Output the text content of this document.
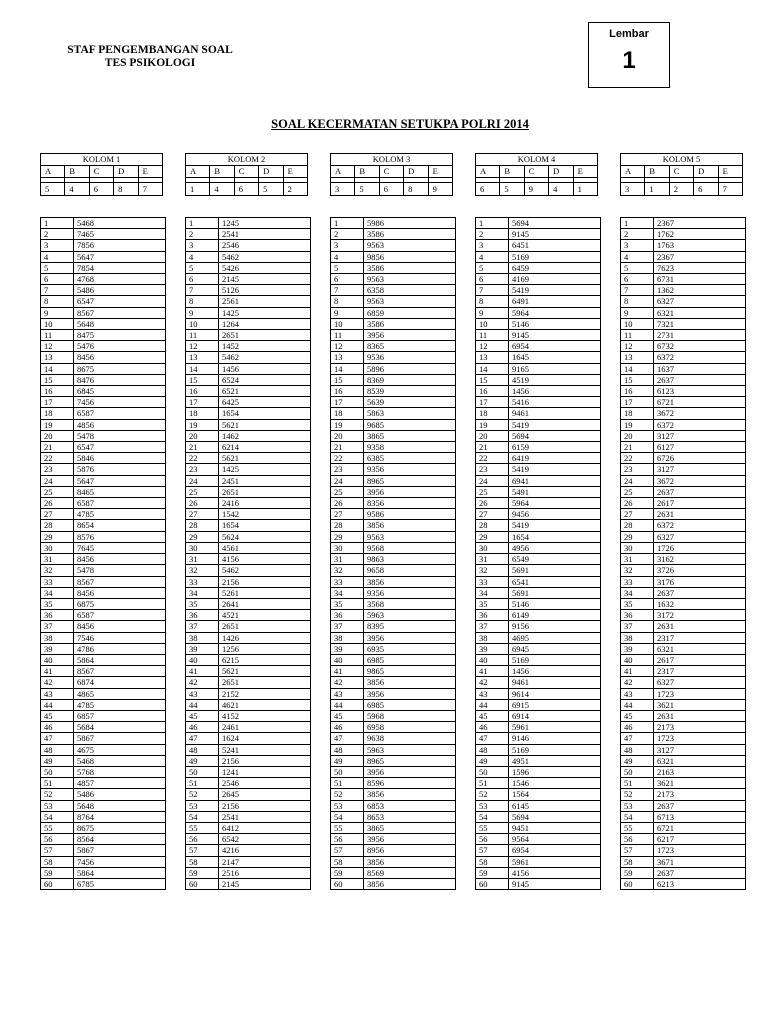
STAF PENGEMBANGAN SOAL
TES PSIKOLOGI
Lembar
1
SOAL KECERMATAN SETUKPA POLRI 2014
KOLOM 1				
A	B	C	D	E

5	4	6	8	7
1	5468
2	7465
3	7856
4	5647
5	7854
6	4768
7	5486
8	6547
9	8567
10	5648
11	8475
12	5476
13	8456
14	8675
15	8476
16	6845
17	7456
18	6587
19	4856
20	5478
21	6547
22	5846
23	5876
24	5647
25	8465
26	6587
27	4785
28	8654
29	8576
30	7645
31	8456
32	5478
33	8567
34	8456
35	6875
36	6587
37	8456
38	7546
39	4786
40	5864
41	8567
42	6874
43	4865
44	4785
45	6857
46	5684
47	5867
48	4675
49	5468
50	5768
51	4857
52	5486
53	5648
54	8764
55	8675
56	8564
57	5867
58	7456
59	5864
60	6785
KOLOM 2				
A	B	C	D	E

1	4	6	5	2
1	1245
2	2541
3	2546
4	5462
5	5426
6	2145
7	5126
8	2561
9	1425
10	1264
11	2651
12	1452
13	5462
14	1456
15	6524
16	6521
17	6425
18	1654
19	5621
20	1462
21	6214
22	5621
23	1425
24	2451
25	2651
26	2416
27	1542
28	1654
29	5624
30	4561
31	4156
32	5462
33	2156
34	5261
35	2641
36	4521
37	2651
38	1426
39	1256
40	6215
41	5621
42	2651
43	2152
44	4621
45	4152
46	2461
47	1624
48	5241
49	2156
50	1241
51	2546
52	2645
53	2156
54	2541
55	6412
56	6542
57	4216
58	2147
59	2516
60	2145
KOLOM 3				
A	B	C	D	E

3	5	6	8	9
1	5986
2	3586
3	9563
4	9856
5	3586
6	9563
7	6358
8	9563
9	6859
10	3586
11	3956
12	8365
13	9536
14	5896
15	8369
16	8539
17	5639
18	5863
19	9685
20	3865
21	9358
22	6385
23	9356
24	8965
25	3956
26	8356
27	9586
28	3856
29	9563
30	9568
31	9863
32	9658
33	3856
34	9356
35	3568
36	5963
37	8395
38	3956
39	6935
40	6985
41	9865
42	3856
43	3956
44	6985
45	5968
46	6958
47	9638
48	5963
49	8965
50	3956
51	8596
52	3856
53	6853
54	8653
55	3865
56	3956
57	8956
58	3856
59	8569
60	3856
KOLOM 4				
A	B	C	D	E

6	5	9	4	1
1	5694
2	9145
3	6451
4	5169
5	6459
6	4169
7	5419
8	6491
9	5964
10	5146
11	9145
12	6954
13	1645
14	9165
15	4519
16	1456
17	5416
18	9461
19	5419
20	5694
21	6159
22	6419
23	5419
24	6941
25	5491
26	5964
27	9456
28	5419
29	1654
30	4956
31	6549
32	5691
33	6541
34	5691
35	5146
36	6149
37	9156
38	4695
39	6945
40	5169
41	1456
42	9461
43	9614
44	6915
45	6914
46	5961
47	9146
48	5169
49	4951
50	1596
51	1546
52	1564
53	6145
54	5694
55	9451
56	9564
57	6954
58	5961
59	4156
60	9145
KOLOM 5				
A	B	C	D	E

3	1	2	6	7
1	2367
2	1762
3	1763
4	2367
5	7623
6	6731
7	1362
8	6327
9	6321
10	7321
11	2731
12	6732
13	6372
14	1637
15	2637
16	6123
17	6721
18	3672
19	6372
20	3127
21	6127
22	6726
23	3127
24	3672
25	2637
26	2617
27	2631
28	6372
29	6327
30	1726
31	3162
32	3726
33	3176
34	2637
35	1632
36	3172
37	2631
38	2317
39	6321
40	2617
41	2317
42	6327
43	1723
44	3621
45	2631
46	2173
47	1723
48	3127
49	6321
50	2163
51	3621
52	2173
53	2637
54	6713
55	6721
56	6217
57	1723
58	3671
59	2637
60	6213
